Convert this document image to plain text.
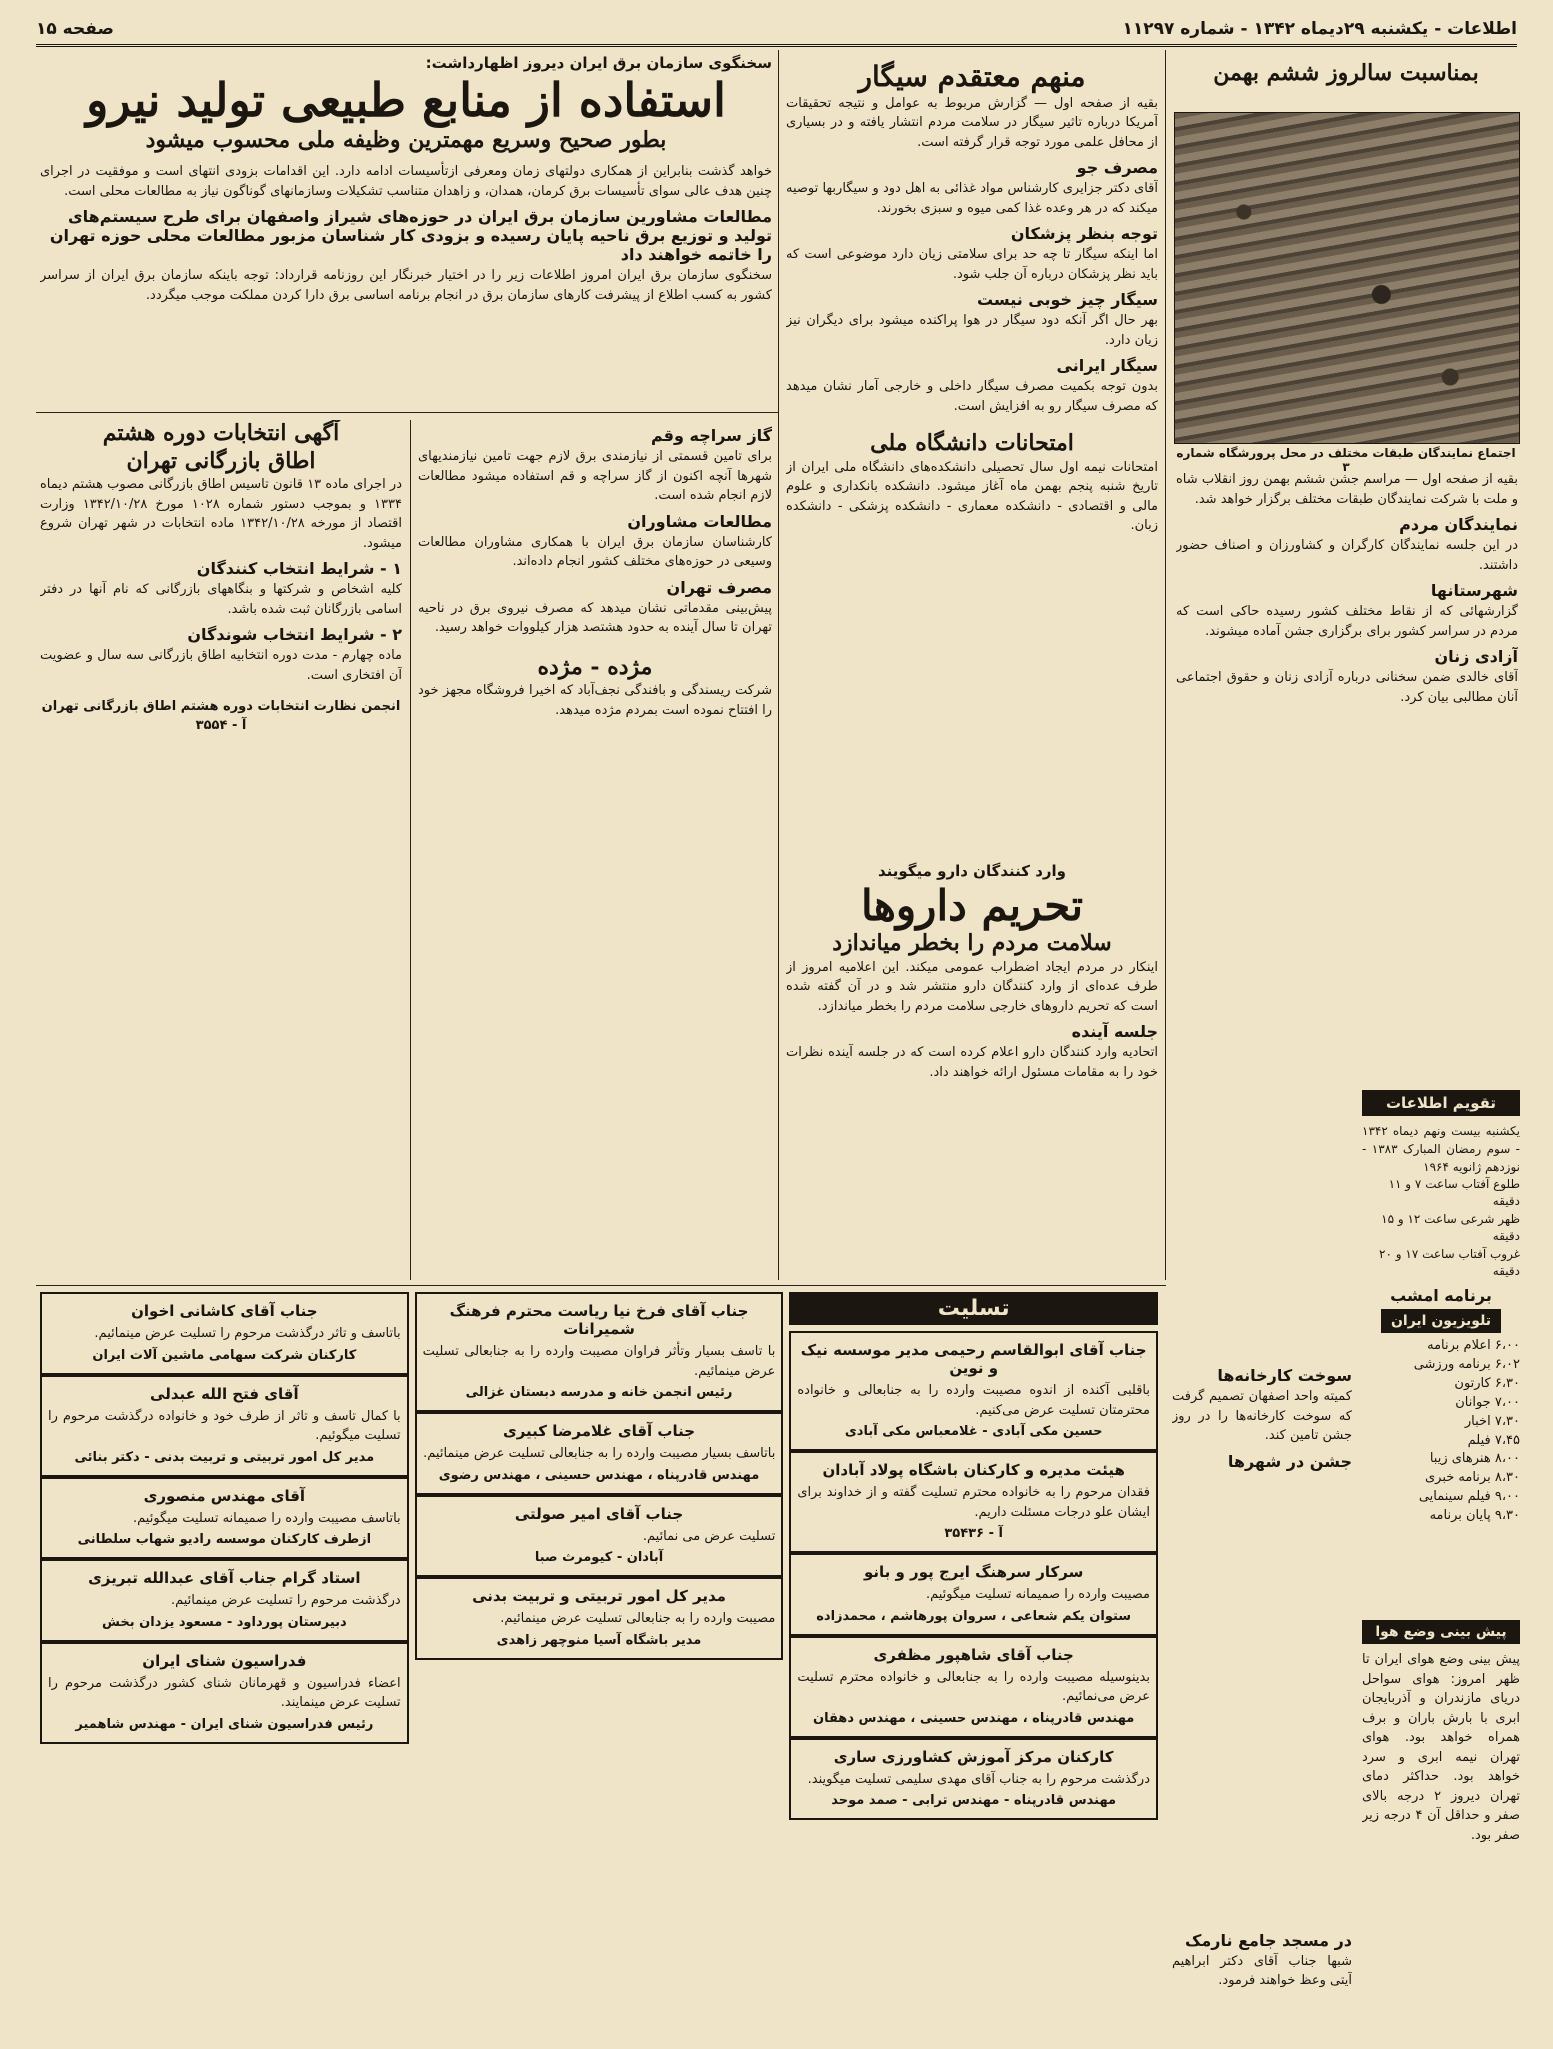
اطلاعات - یکشنبه ۲۹دیماه ۱۳۴۲ - شماره ۱۱۲۹۷
صفحه ۱۵
بمناسبت سالروز ششم بهمن
اجتماع نمایندگان طبقات مختلف در محل پرورشگاه شماره ۳

بقیه از صفحه اول — مراسم جشن ششم بهمن روز انقلاب شاه و ملت با شرکت نمایندگان طبقات مختلف برگزار خواهد شد.

نمایندگان مردم

در این جلسه نمایندگان کارگران و کشاورزان و اصناف حضور داشتند.

شهرستانها

گزارشهائی که از نقاط مختلف کشور رسیده حاکی است که مردم در سراسر کشور برای برگزاری جشن آماده میشوند.

آزادی زنان

آقای خالدی ضمن سخنانی درباره آزادی زنان و حقوق اجتماعی آنان مطالبی بیان کرد.

تقویم اطلاعات

یکشنبه بیست ونهم دیماه ۱۳۴۲ - سوم رمضان المبارک ۱۳۸۳ - نوزدهم ژانویه ۱۹۶۴

طلوع آفتاب ساعت ۷ و ۱۱ دقیقه

ظهر شرعی ساعت ۱۲ و ۱۵ دقیقه

غروب آفتاب ساعت ۱۷ و ۲۰ دقیقه

برنامه امشب
تلویزیون ایران

۶،۰۰ اعلام برنامه

۶،۰۲ برنامه ورزشی

۶،۳۰ کارتون

۷،۰۰ جوانان

۷،۳۰ اخبار

۷،۴۵ فیلم

۸،۰۰ هنرهای زیبا

۸،۳۰ برنامه خبری

۹،۰۰ فیلم سینمایی

۹،۳۰ پایان برنامه

پیش بینی وضع هوا

پیش بینی وضع هوای ایران تا ظهر امروز: هوای سواحل دریای مازندران و آذربایجان ابری با بارش باران و برف همراه خواهد بود. هوای تهران نیمه ابری و سرد خواهد بود. حداکثر دمای تهران دیروز ۲ درجه بالای صفر و حداقل آن ۴ درجه زیر صفر بود.

سوخت کارخانه‌ها

کمیته واحد اصفهان تصمیم گرفت که سوخت کارخانه‌ها را در روز جشن تامین کند.

جشن در شهرها
در مسجد جامع نارمک

شبها جناب آقای دکتر ابراهیم آیتی وعظ خواهند فرمود.

منهم معتقدم سیگار

بقیه از صفحه اول — گزارش مربوط به عوامل و نتیجه تحقیقات آمریکا درباره تاثیر سیگار در سلامت مردم انتشار یافته و در بسیاری از محافل علمی مورد توجه قرار گرفته است.

مصرف جو

آقای دکتر جزایری کارشناس مواد غذائی به اهل دود و سیگاربها توصیه میکند که در هر وعده غذا کمی میوه و سبزی بخورند.

توجه بنظر پزشکان

اما اینکه سیگار تا چه حد برای سلامتی زیان دارد موضوعی است که باید نظر پزشکان درباره آن جلب شود.

سیگار چیز خوبی نیست

بهر حال اگر آنکه دود سیگار در هوا پراکنده میشود برای دیگران نیز زیان دارد.

سیگار ایرانی

بدون توجه بکمیت مصرف سیگار داخلی و خارجی آمار نشان میدهد که مصرف سیگار رو به افزایش است.

امتحانات دانشگاه ملی

امتحانات نیمه اول سال تحصیلی دانشکده‌های دانشگاه ملی ایران از تاریخ شنبه پنجم بهمن ماه آغاز میشود. دانشکده بانکداری و علوم مالی و اقتصادی - دانشکده معماری - دانشکده پزشکی - دانشکده زبان.

وارد کنندگان دارو میگویند
تحریم داروها
سلامت مردم را بخطر میاندازد

اینکار در مردم ایجاد اضطراب عمومی میکند. این اعلامیه امروز از طرف عده‌ای از وارد کنندگان دارو منتشر شد و در آن گفته شده است که تحریم داروهای خارجی سلامت مردم را بخطر میاندازد.

جلسه آینده

اتحادیه وارد کنندگان دارو اعلام کرده است که در جلسه آینده نظرات خود را به مقامات مسئول ارائه خواهند داد.

سخنگوی سازمان برق ایران دیروز اظهارداشت:
استفاده از منابع طبیعی تولید نیرو
بطور صحیح وسریع مهمترین وظیفه ملی محسوب میشود

خواهد گذشت بنابراین از همکاری دولتهای زمان ومعرفی ازتأسیسات ادامه دارد. این اقدامات بزودی انتهای است و موفقیت در اجرای چنین هدف عالی سوای تأسیسات برق کرمان، همدان، و زاهدان متناسب تشکیلات وسازمانهای گوناگون نیاز به مطالعات محلی است.

مطالعات مشاورین سازمان برق ایران در حوزه‌های شیراز واصفهان برای طرح سیستم‌های تولید و توزیع برق ناحیه پایان رسیده و بزودی کار شناسان مزبور مطالعات محلی حوزه تهران را خاتمه خواهند داد

سخنگوی سازمان برق ایران امروز اطلاعات زیر را در اختیار خبرنگار این روزنامه قرارداد: توجه باینکه سازمان برق ایران از سراسر کشور به کسب اطلاع از پیشرفت کارهای سازمان برق در انجام برنامه اساسی برق دارا کردن مملکت موجب میگردد.

گاز سراچه وقم

برای تامین قسمتی از نیازمندی برق لازم جهت تامین نیازمندیهای شهرها آنچه اکنون از گاز سراچه و قم استفاده میشود مطالعات لازم انجام شده است.

مطالعات مشاوران

کارشناسان سازمان برق ایران با همکاری مشاوران مطالعات وسیعی در حوزه‌های مختلف کشور انجام داده‌اند.

مصرف تهران

پیش‌بینی مقدماتی نشان میدهد که مصرف نیروی برق در ناحیه تهران تا سال آینده به حدود هشتصد هزار کیلووات خواهد رسید.

مژده - مژده

شرکت ریسندگی و بافندگی نجف‌آباد که اخیرا فروشگاه مجهز خود را افتتاح نموده است بمردم مژده میدهد.

آگهی انتخابات دوره هشتم
اطاق بازرگانی تهران

در اجرای ماده ۱۳ قانون تاسیس اطاق بازرگانی مصوب هشتم دیماه ۱۳۳۴ و بموجب دستور شماره ۱۰۲۸ مورخ ۱۳۴۲/۱۰/۲۸ وزارت اقتصاد از مورخه ۱۳۴۲/۱۰/۲۸ ماده انتخابات در شهر تهران شروع میشود.

۱ - شرایط انتخاب کنندگان

کلیه اشخاص و شرکتها و بنگاههای بازرگانی که نام آنها در دفتر اسامی بازرگانان ثبت شده باشد.

۲ - شرایط انتخاب شوندگان

ماده چهارم - مدت دوره انتخابیه اطاق بازرگانی سه سال و عضویت آن افتخاری است.

انجمن نظارت انتخابات دوره هشتم اطاق بازرگانی تهران
آ - ۳۵۵۴
تسلیت
جناب آقای ابوالقاسم رحیمی مدیر موسسه نیک و نوین

باقلبی آکنده از اندوه مصیبت وارده را به جنابعالی و خانواده محترمتان تسلیت عرض می‌کنیم.

حسین مکی آبادی - غلامعباس مکی آبادی
هیئت مدیره و کارکنان باشگاه پولاد آبادان

فقدان مرحوم را به خانواده محترم تسلیت گفته و از خداوند برای ایشان علو درجات مسئلت داریم.

آ - ۳۵۴۳۶
سرکار سرهنگ ایرج پور و بانو

مصیبت وارده را صمیمانه تسلیت میگوئیم.

ستوان یکم شعاعی ، سروان پورهاشم ، محمدزاده
جناب آقای شاهپور مظفری

بدینوسیله مصیبت وارده را به جنابعالی و خانواده محترم تسلیت عرض می‌نمائیم.

مهندس قادرپناه ، مهندس حسینی ، مهندس دهقان
کارکنان مرکز آموزش کشاورزی ساری

درگذشت مرحوم را به جناب آقای مهدی سلیمی تسلیت میگویند.

مهندس قادرپناه - مهندس ترابی - صمد موحد
جناب آقای فرخ نیا ریاست محترم فرهنگ شمیرانات

با تاسف بسیار وتأثر فراوان مصیبت وارده را به جنابعالی تسلیت عرض مینمائیم.

رئیس انجمن خانه و مدرسه دبستان غزالی
جناب آقای غلامرضا کبیری

باتاسف بسیار مصیبت وارده را به جنابعالی تسلیت عرض مینمائیم.

مهندس قادرپناه ، مهندس حسینی ، مهندس رضوی
جناب آقای امیر صولتی

تسلیت عرض می نمائیم.

آبادان - کیومرث صبا
مدیر کل امور تربیتی و تربیت بدنی

مصیبت وارده را به جنابعالی تسلیت عرض مینمائیم.

مدیر باشگاه آسیا منوچهر زاهدی
جناب آقای کاشانی اخوان

باتاسف و تاثر درگذشت مرحوم را تسلیت عرض مینمائیم.

کارکنان شرکت سهامی ماشین آلات ایران
آقای فتح الله عبدلی

با کمال تاسف و تاثر از طرف خود و خانواده درگذشت مرحوم را تسلیت میگوئیم.

مدیر کل امور تربیتی و تربیت بدنی - دکتر بنائی
آقای مهندس منصوری

باتاسف مصیبت وارده را صمیمانه تسلیت میگوئیم.

ازطرف کارکنان موسسه رادیو شهاب سلطانی
استاد گرام جناب آقای عبدالله تبریزی

درگذشت مرحوم را تسلیت عرض مینمائیم.

دبیرستان پورداود - مسعود یزدان بخش
فدراسیون شنای ایران

اعضاء فدراسیون و قهرمانان شنای کشور درگذشت مرحوم را تسلیت عرض مینمایند.

رئیس فدراسیون شنای ایران - مهندس شاهمیر
